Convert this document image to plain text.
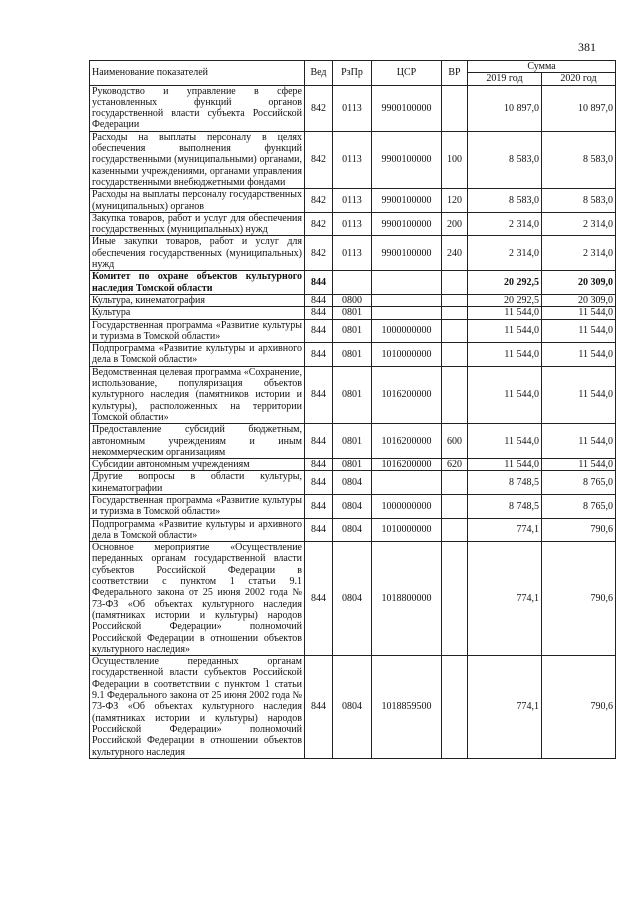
381
Наименование показателей	Вед	РзПр	ЦСР	ВР	Сумма	
					2019 год	2020 год
Руководство и управление в сфере установленных функций органов государственной власти субъекта Российской Федерации	842	0113	9900100000		10 897,0	10 897,0
Расходы на выплаты персоналу в целях обеспечения выполнения функций государственными (муниципальными) органами, казенными учреждениями, органами управления государственными внебюджетными фондами	842	0113	9900100000	100	8 583,0	8 583,0
Расходы на выплаты персоналу государственных (муниципальных) органов	842	0113	9900100000	120	8 583,0	8 583,0
Закупка товаров, работ и услуг для обеспечения государственных (муниципальных) нужд	842	0113	9900100000	200	2 314,0	2 314,0
Иные закупки товаров, работ и услуг для обеспечения государственных (муниципальных) нужд	842	0113	9900100000	240	2 314,0	2 314,0
Комитет по охране объектов культурного наследия Томской области	844				20 292,5	20 309,0
Культура, кинематография	844	0800			20 292,5	20 309,0
Культура	844	0801			11 544,0	11 544,0
Государственная программа «Развитие культуры и туризма в Томской области»	844	0801	1000000000		11 544,0	11 544,0
Подпрограмма «Развитие культуры и архивного дела в Томской области»	844	0801	1010000000		11 544,0	11 544,0
Ведомственная целевая программа «Сохранение, использование, популяризация объектов культурного наследия (памятников истории и культуры), расположенных на территории Томской области»	844	0801	1016200000		11 544,0	11 544,0
Предоставление субсидий бюджетным, автономным учреждениям и иным некоммерческим организациям	844	0801	1016200000	600	11 544,0	11 544,0
Субсидии автономным учреждениям	844	0801	1016200000	620	11 544,0	11 544,0
Другие вопросы в области культуры, кинематографии	844	0804			8 748,5	8 765,0
Государственная программа «Развитие культуры и туризма в Томской области»	844	0804	1000000000		8 748,5	8 765,0
Подпрограмма «Развитие культуры и архивного дела в Томской области»	844	0804	1010000000		774,1	790,6
Основное мероприятие «Осуществление переданных органам государственной власти субъектов Российской Федерации в соответствии с пунктом 1 статьи 9.1 Федерального закона от 25 июня 2002 года № 73-ФЗ «Об объектах культурного наследия (памятниках истории и культуры) народов Российской Федерации» полномочий Российской Федерации в отношении объектов культурного наследия»	844	0804	1018800000		774,1	790,6
Осуществление переданных органам государственной власти субъектов Российской Федерации в соответствии с пунктом 1 статьи 9.1 Федерального закона от 25 июня 2002 года № 73-ФЗ «Об объектах культурного наследия (памятниках истории и культуры) народов Российской Федерации» полномочий Российской Федерации в отношении объектов культурного наследия	844	0804	1018859500		774,1	790,6
